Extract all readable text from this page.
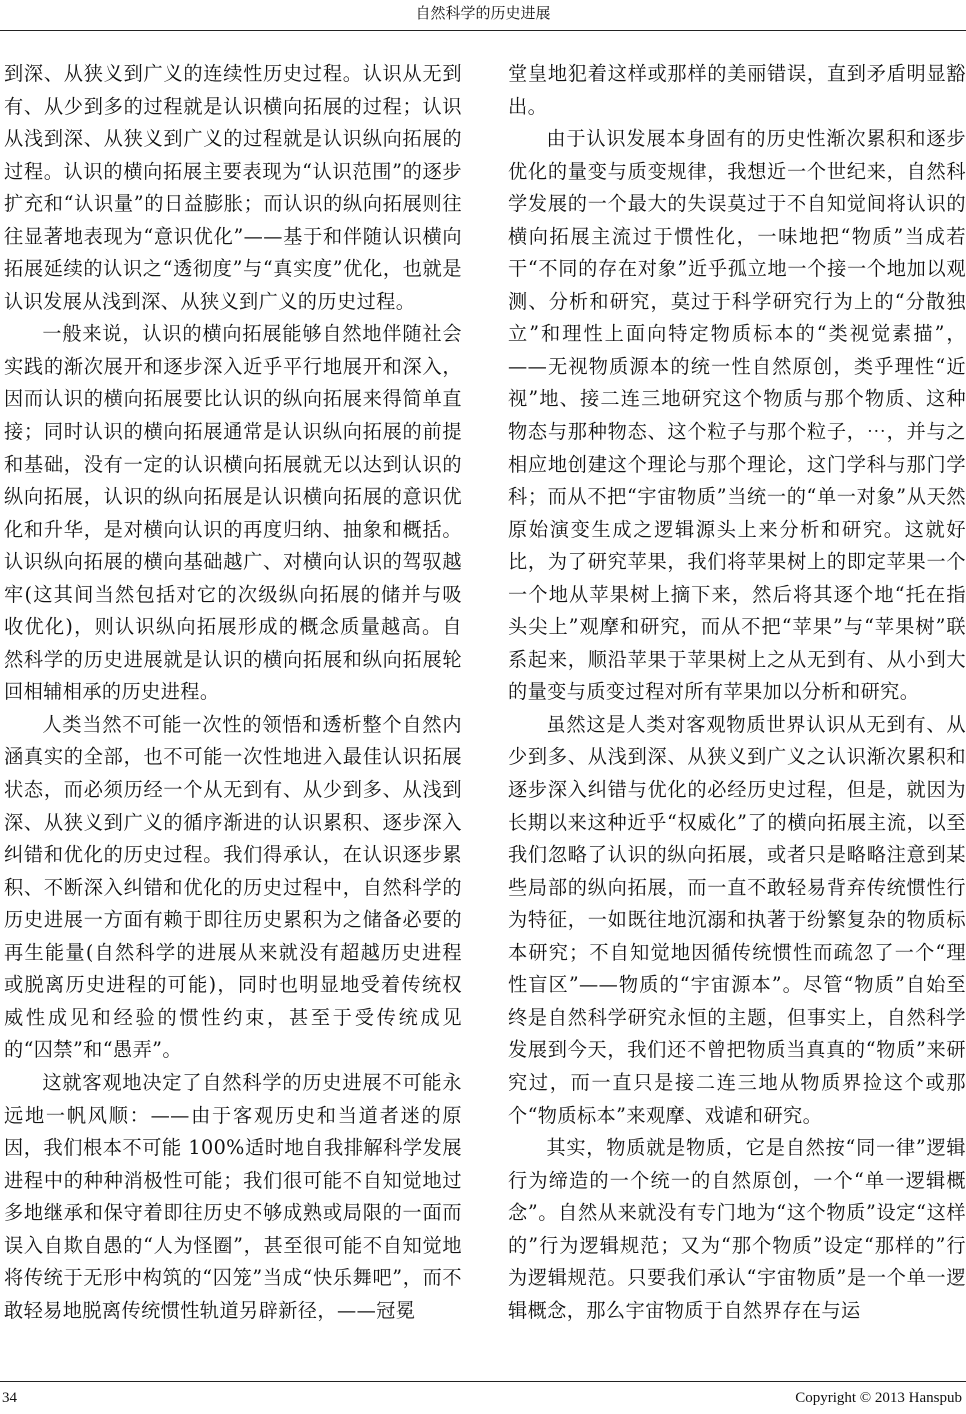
自然科学的历史进展

到深、从狭义到广义的连续性历史过程。认识从无到有、从少到多的过程就是认识横向拓展的过程；认识从浅到深、从狭义到广义的过程就是认识纵向拓展的过程。认识的横向拓展主要表现为“认识范围”的逐步扩充和“认识量”的日益膨胀；而认识的纵向拓展则往往显著地表现为“意识优化”——基于和伴随认识横向拓展延续的认识之“透彻度”与“真实度”优化，也就是认识发展从浅到深、从狭义到广义的历史过程。

一般来说，认识的横向拓展能够自然地伴随社会实践的渐次展开和逐步深入近乎平行地展开和深入，因而认识的横向拓展要比认识的纵向拓展来得简单直接；同时认识的横向拓展通常是认识纵向拓展的前提和基础，没有一定的认识横向拓展就无以达到认识的纵向拓展，认识的纵向拓展是认识横向拓展的意识优化和升华，是对横向认识的再度归纳、抽象和概括。认识纵向拓展的横向基础越广、对横向认识的驾驭越牢(这其间当然包括对它的次级纵向拓展的储并与吸收优化)，则认识纵向拓展形成的概念质量越高。自然科学的历史进展就是认识的横向拓展和纵向拓展轮回相辅相承的历史进程。

人类当然不可能一次性的领悟和透析整个自然内涵真实的全部，也不可能一次性地进入最佳认识拓展状态，而必须历经一个从无到有、从少到多、从浅到深、从狭义到广义的循序渐进的认识累积、逐步深入纠错和优化的历史过程。我们得承认，在认识逐步累积、不断深入纠错和优化的历史过程中，自然科学的历史进展一方面有赖于即往历史累积为之储备必要的再生能量(自然科学的进展从来就没有超越历史进程或脱离历史进程的可能)，同时也明显地受着传统权威性成见和经验的惯性约束，甚至于受传统成见的“囚禁”和“愚弄”。

这就客观地决定了自然科学的历史进展不可能永远地一帆风顺：——由于客观历史和当道者迷的原因，我们根本不可能 100%适时地自我排解科学发展进程中的种种消极性可能；我们很可能不自知觉地过多地继承和保守着即往历史不够成熟或局限的一面而误入自欺自愚的“人为怪圈”，甚至很可能不自知觉地将传统于无形中构筑的“囚笼”当成“快乐舞吧”，而不敢轻易地脱离传统惯性轨道另辟新径，——冠冕

堂皇地犯着这样或那样的美丽错误，直到矛盾明显豁出。

由于认识发展本身固有的历史性渐次累积和逐步优化的量变与质变规律，我想近一个世纪来，自然科学发展的一个最大的失误莫过于不自知觉间将认识的横向拓展主流过于惯性化，一味地把“物质”当成若干“不同的存在对象”近乎孤立地一个接一个地加以观测、分析和研究，莫过于科学研究行为上的“分散独立”和理性上面向特定物质标本的“类视觉素描”，——无视物质源本的统一性自然原创，类乎理性“近视”地、接二连三地研究这个物质与那个物质、这种物态与那种物态、这个粒子与那个粒子，⋯，并与之相应地创建这个理论与那个理论，这门学科与那门学科；而从不把“宇宙物质”当统一的“单一对象”从天然原始演变生成之逻辑源头上来分析和研究。这就好比，为了研究苹果，我们将苹果树上的即定苹果一个一个地从苹果树上摘下来，然后将其逐个地“托在指头尖上”观摩和研究，而从不把“苹果”与“苹果树”联系起来，顺沿苹果于苹果树上之从无到有、从小到大的量变与质变过程对所有苹果加以分析和研究。

虽然这是人类对客观物质世界认识从无到有、从少到多、从浅到深、从狭义到广义之认识渐次累积和逐步深入纠错与优化的必经历史过程，但是，就因为长期以来这种近乎“权威化”了的横向拓展主流，以至我们忽略了认识的纵向拓展，或者只是略略注意到某些局部的纵向拓展，而一直不敢轻易背弃传统惯性行为特征，一如既往地沉溺和执著于纷繁复杂的物质标本研究；不自知觉地因循传统惯性而疏忽了一个“理性盲区”——物质的“宇宙源本”。尽管“物质”自始至终是自然科学研究永恒的主题，但事实上，自然科学发展到今天，我们还不曾把物质当真真的“物质”来研究过，而一直只是接二连三地从物质界捡这个或那个“物质标本”来观摩、戏谑和研究。

其实，物质就是物质，它是自然按“同一律”逻辑行为缔造的一个统一的自然原创，一个“单一逻辑概念”。自然从来就没有专门地为“这个物质”设定“这样的”行为逻辑规范；又为“那个物质”设定“那样的”行为逻辑规范。只要我们承认“宇宙物质”是一个单一逻辑概念，那么宇宙物质于自然界存在与运

34	Copyright © 2013 Hanspub
